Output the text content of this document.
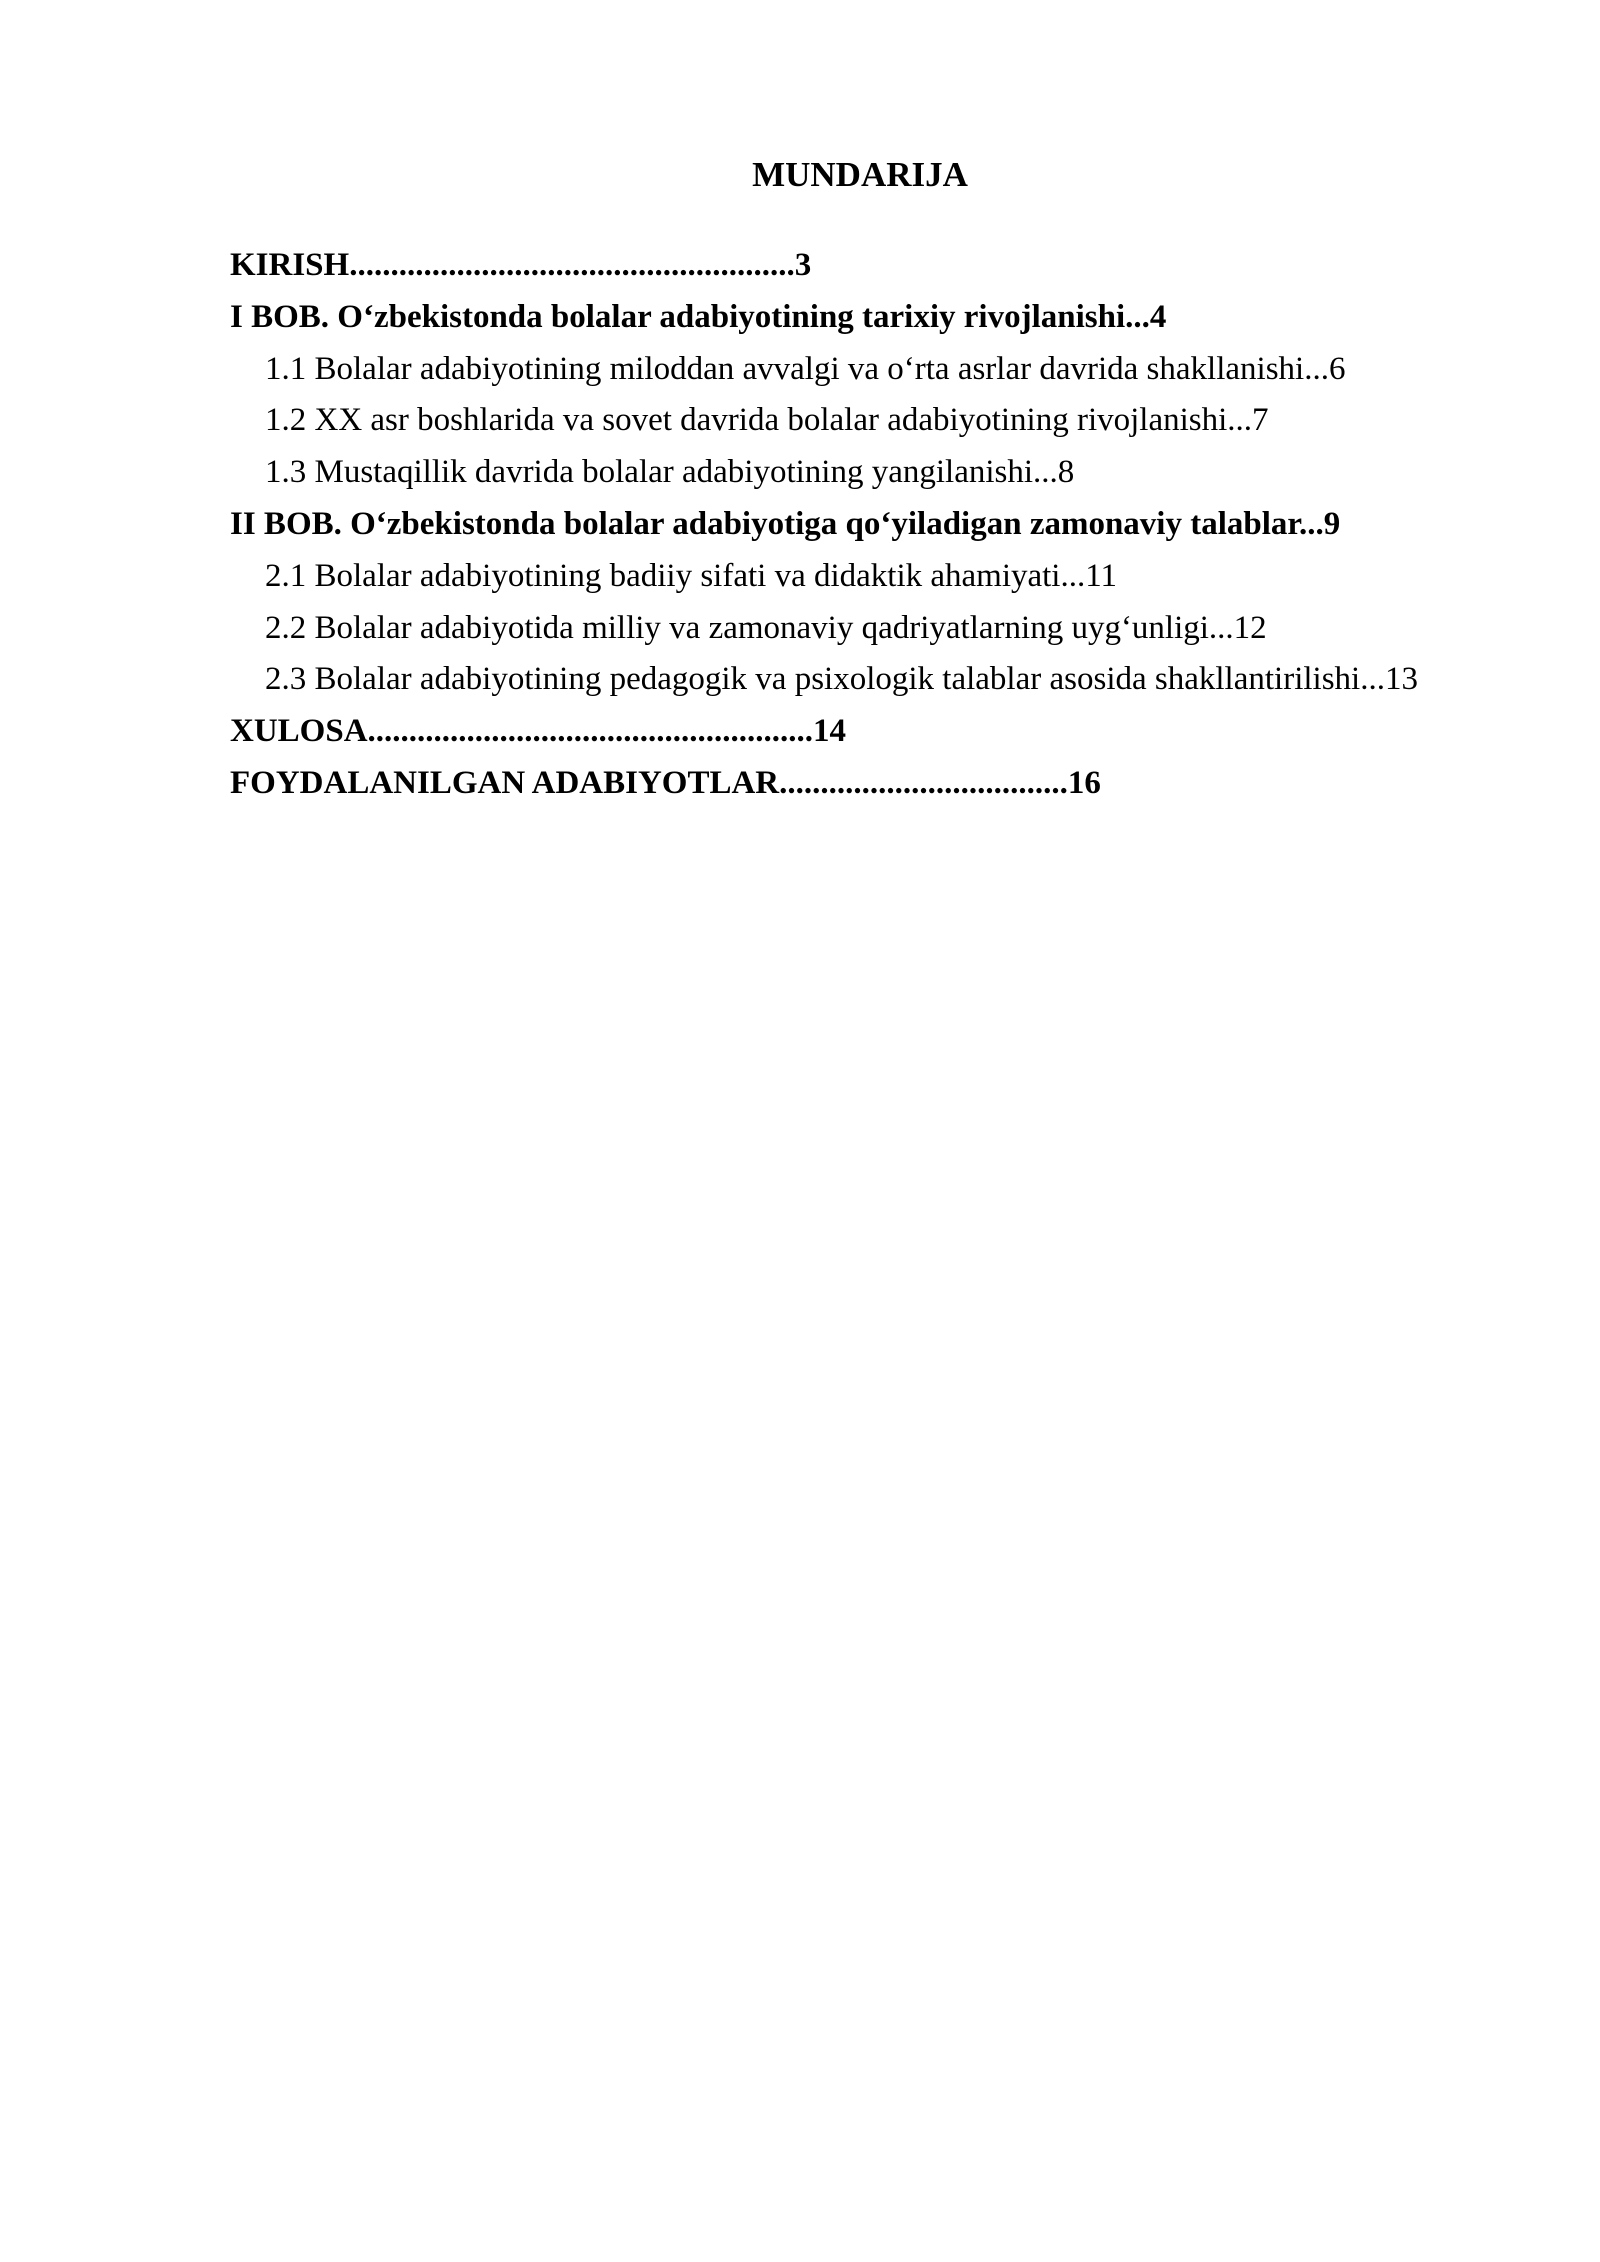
MUNDARIJA
KIRISH......................................................3
I BOB. O‘zbekistonda bolalar adabiyotining tarixiy rivojlanishi...4
1.1 Bolalar adabiyotining miloddan avvalgi va o‘rta asrlar davrida shakllanishi...6
1.2 XX asr boshlarida va sovet davrida bolalar adabiyotining rivojlanishi...7
1.3 Mustaqillik davrida bolalar adabiyotining yangilanishi...8
II BOB. O‘zbekistonda bolalar adabiyotiga qo‘yiladigan zamonaviy talablar...9
2.1 Bolalar adabiyotining badiiy sifati va didaktik ahamiyati...11
2.2 Bolalar adabiyotida milliy va zamonaviy qadriyatlarning uyg‘unligi...12
2.3 Bolalar adabiyotining pedagogik va psixologik talablar asosida shakllantirilishi...13
XULOSA......................................................14
FOYDALANILGAN ADABIYOTLAR...................................16
